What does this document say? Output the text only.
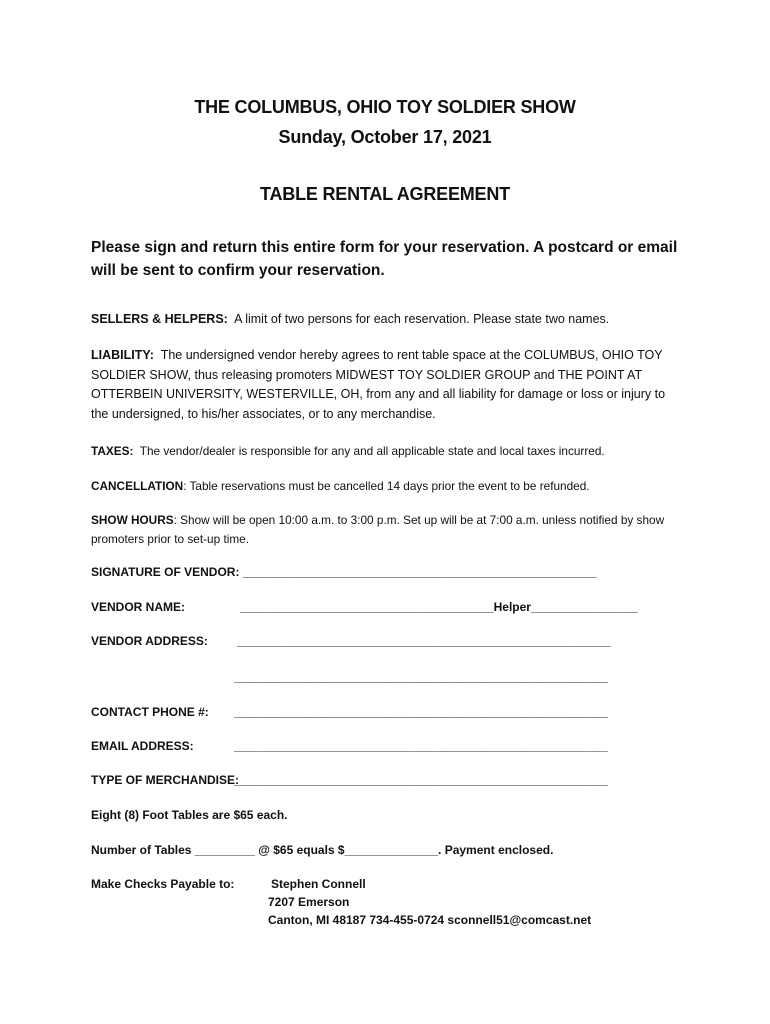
THE COLUMBUS, OHIO TOY SOLDIER SHOW
Sunday, October 17, 2021
TABLE RENTAL AGREEMENT
Please sign and return this entire form for your reservation. A postcard or email
will be sent to confirm your reservation.
SELLERS & HELPERS: A limit of two persons for each reservation. Please state two names.
LIABILITY: The undersigned vendor hereby agrees to rent table space at the COLUMBUS, OHIO TOY SOLDIER SHOW, thus releasing promoters MIDWEST TOY SOLDIER GROUP and THE POINT AT OTTERBEIN UNIVERSITY, WESTERVILLE, OH, from any and all liability for damage or loss or injury to the undersigned, to his/her associates, or to any merchandise.
TAXES: The vendor/dealer is responsible for any and all applicable state and local taxes incurred.
CANCELLATION: Table reservations must be cancelled 14 days prior the event to be refunded.
SHOW HOURS: Show will be open 10:00 a.m. to 3:00 p.m. Set up will be at 7:00 a.m. unless notified by show promoters prior to set-up time.
SIGNATURE OF VENDOR: _____________________________________________________
VENDOR NAME:	______________________________________Helper________________
VENDOR ADDRESS: ________________________________________________________
________________________________________________________
CONTACT PHONE #: ________________________________________________________
EMAIL ADDRESS:	________________________________________________________
TYPE OF MERCHANDISE:
________________________________________________________
Eight (8) Foot Tables are $65 each.
Number of Tables _________ @ $65 equals $______________. Payment enclosed.
Make Checks Payable to:	Stephen Connell
7207 Emerson
Canton, MI 48187 734-455-0724 sconnell51@comcast.net
